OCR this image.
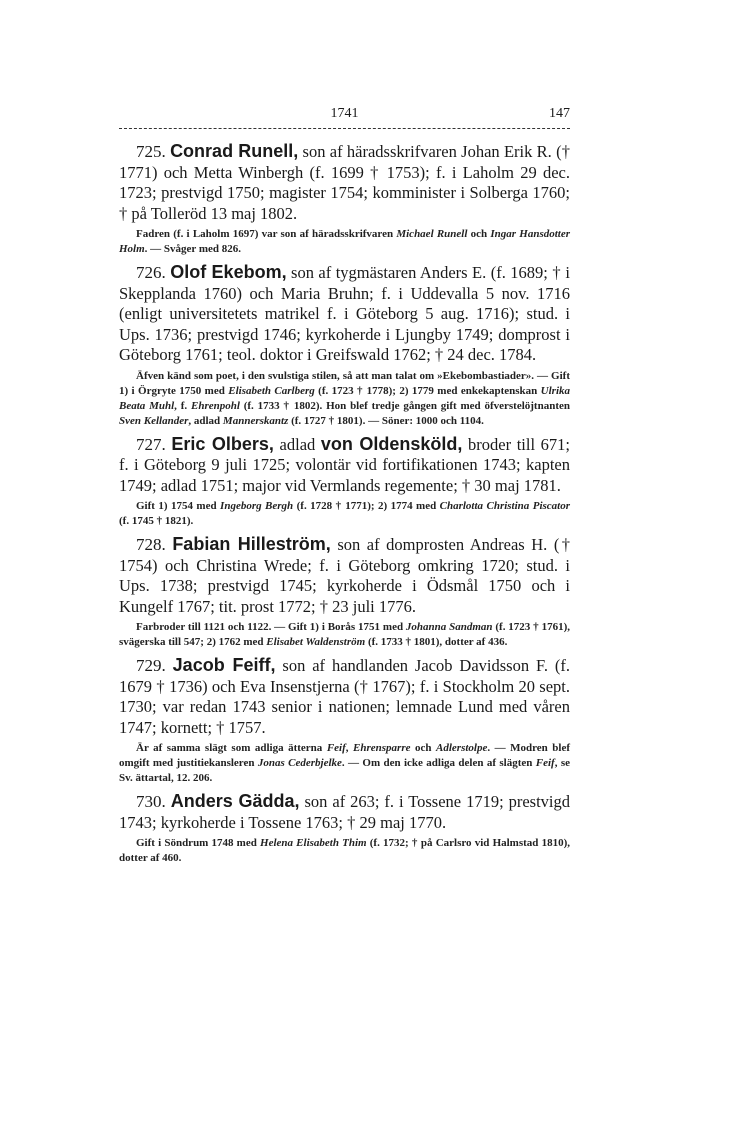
1741	147

725. Conrad Runell, son af häradsskrifvaren Johan Erik R. († 1771) och Metta Winbergh (f. 1699 † 1753); f. i Laholm 29 dec. 1723; prestvigd 1750; magister 1754; komminister i Solberga 1760; † på Tolleröd 13 maj 1802.

Fadren (f. i Laholm 1697) var son af häradsskrifvaren Michael Runell och Ingar Hansdotter Holm. — Svåger med 826.

726. Olof Ekebom, son af tygmästaren Anders E. (f. 1689; † i Skepplanda 1760) och Maria Bruhn; f. i Uddevalla 5 nov. 1716 (enligt universitetets matrikel f. i Göteborg 5 aug. 1716); stud. i Ups. 1736; prestvigd 1746; kyrkoherde i Ljungby 1749; domprost i Göteborg 1761; teol. doktor i Greifswald 1762; † 24 dec. 1784.

Äfven känd som poet, i den svulstiga stilen, så att man talat om »Ekebombastiader». — Gift 1) i Örgryte 1750 med Elisabeth Carlberg (f. 1723 † 1778); 2) 1779 med enkekaptenskan Ulrika Beata Muhl, f. Ehrenpohl (f. 1733 † 1802). Hon blef tredje gången gift med öfverstelöjtnanten Sven Kellander, adlad Mannerskantz (f. 1727 † 1801). — Söner: 1000 och 1104.

727. Eric Olbers, adlad von Oldensköld, broder till 671; f. i Göteborg 9 juli 1725; volontär vid fortifikationen 1743; kapten 1749; adlad 1751; major vid Vermlands regemente; † 30 maj 1781.

Gift 1) 1754 med Ingeborg Bergh (f. 1728 † 1771); 2) 1774 med Charlotta Christina Piscator (f. 1745 † 1821).

728. Fabian Hilleström, son af domprosten Andreas H. († 1754) och Christina Wrede; f. i Göteborg omkring 1720; stud. i Ups. 1738; prestvigd 1745; kyrkoherde i Ödsmål 1750 och i Kungelf 1767; tit. prost 1772; † 23 juli 1776.

Farbroder till 1121 och 1122. — Gift 1) i Borås 1751 med Johanna Sandman (f. 1723 † 1761), svägerska till 547; 2) 1762 med Elisabet Waldenström (f. 1733 † 1801), dotter af 436.

729. Jacob Feiff, son af handlanden Jacob Davidsson F. (f. 1679 † 1736) och Eva Insenstjerna († 1767); f. i Stockholm 20 sept. 1730; var redan 1743 senior i nationen; lemnade Lund med våren 1747; kornett; † 1757.

Är af samma slägt som adliga ätterna Feif, Ehrensparre och Adlerstolpe. — Modren blef omgift med justitiekansleren Jonas Cederbjelke. — Om den icke adliga delen af slägten Feif, se Sv. ättartal, 12. 206.

730. Anders Gädda, son af 263; f. i Tossene 1719; prestvigd 1743; kyrkoherde i Tossene 1763; † 29 maj 1770.

Gift i Söndrum 1748 med Helena Elisabeth Thim (f. 1732; † på Carlsro vid Halmstad 1810), dotter af 460.
